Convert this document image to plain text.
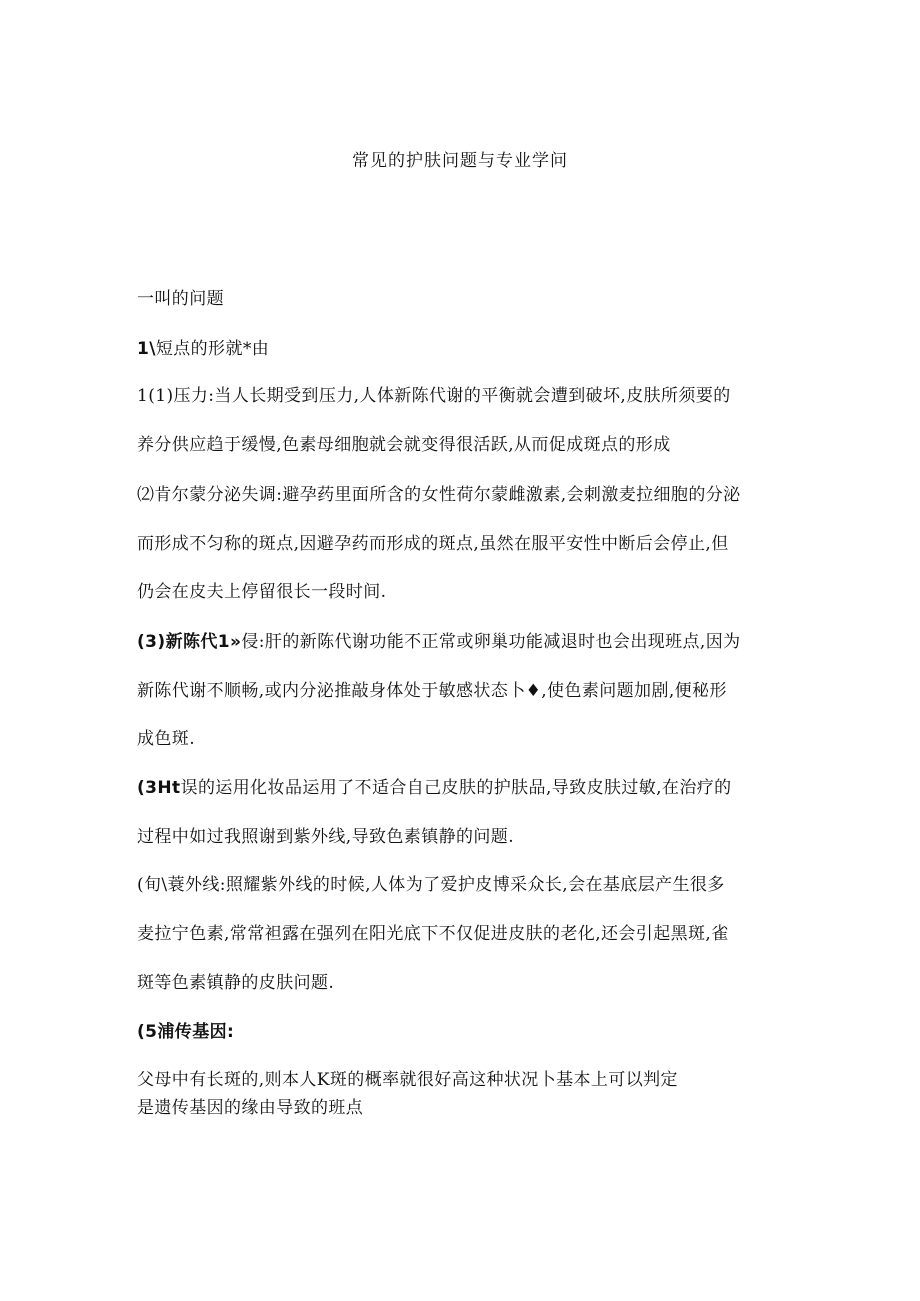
常见的护肤问题与专业学问
一叫的问题
1\短点的形就*由
1(1)压力:当人长期受到压力,人体新陈代谢的平衡就会遭到破坏,皮肤所须要的
养分供应趋于缓慢,色素母细胞就会就变得很活跃,从而促成斑点的形成
⑵肯尔蒙分泌失调:避孕药里面所含的女性荷尔蒙雌激素,会刺激麦拉细胞的分泌
而形成不匀称的斑点,因避孕药而形成的斑点,虽然在服平安性中断后会停止,但
仍会在皮夫上停留很长一段时间.
(3)新陈代1»侵:肝的新陈代谢功能不正常或卵巢功能减退时也会出现班点,因为
新陈代谢不顺畅,或内分泌推敲身体处于敏感状态卜♦,使色素问题加剧,便秘形
成色斑.
(3Ht误的运用化妆品运用了不适合自己皮肤的护肤品,导致皮肤过敏,在治疗的
过程中如过我照谢到紫外线,导致色素镇静的问题.
(旬\蓑外线:照耀紫外线的时候,人体为了爱护皮博采众长,会在基底层产生很多
麦拉宁色素,常常袒露在强列在阳光底下不仅促进皮肤的老化,还会引起黑斑,雀
斑等色素镇静的皮肤问题.
(5浦传基因:
父母中有长斑的,则本人K斑的概率就很好高这种状况卜基本上可以判定
是遗传基因的缘由导致的班点
